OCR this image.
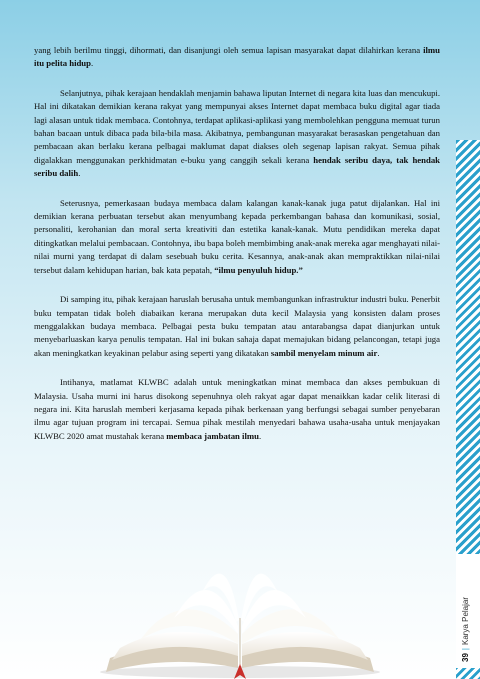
yang lebih berilmu tinggi, dihormati, dan disanjungi oleh semua lapisan masyarakat dapat dilahirkan kerana ilmu itu pelita hidup.

Selanjutnya, pihak kerajaan hendaklah menjamin bahawa liputan Internet di negara kita luas dan mencukupi. Hal ini dikatakan demikian kerana rakyat yang mempunyai akses Internet dapat membaca buku digital agar tiada lagi alasan untuk tidak membaca. Contohnya, terdapat aplikasi-aplikasi yang membolehkan pengguna memuat turun bahan bacaan untuk dibaca pada bila-bila masa. Akibatnya, pembangunan masyarakat berasaskan pengetahuan dan pembacaan akan berlaku kerana pelbagai maklumat dapat diakses oleh segenap lapisan rakyat. Semua pihak digalakkan menggunakan perkhidmatan e-buku yang canggih sekali kerana hendak seribu daya, tak hendak seribu dalih.

Seterusnya, pemerkasaan budaya membaca dalam kalangan kanak-kanak juga patut dijalankan. Hal ini demikian kerana perbuatan tersebut akan menyumbang kepada perkembangan bahasa dan komunikasi, sosial, personaliti, kerohanian dan moral serta kreativiti dan estetika kanak-kanak. Mutu pendidikan mereka dapat ditingkatkan melalui pembacaan. Contohnya, ibu bapa boleh membimbing anak-anak mereka agar menghayati nilai-nilai murni yang terdapat di dalam sesebuah buku cerita. Kesannya, anak-anak akan mempraktikkan nilai-nilai tersebut dalam kehidupan harian, bak kata pepatah, “ilmu penyuluh hidup.”

Di samping itu, pihak kerajaan haruslah berusaha untuk membangunkan infrastruktur industri buku. Penerbit buku tempatan tidak boleh diabaikan kerana merupakan duta kecil Malaysia yang konsisten dalam proses menggalakkan budaya membaca. Pelbagai pesta buku tempatan atau antarabangsa dapat dianjurkan untuk menyebarluaskan karya penulis tempatan. Hal ini bukan sahaja dapat memajukan bidang pelancongan, tetapi juga akan meningkatkan keyakinan pelabur asing seperti yang dikatakan sambil menyelam minum air.

Intihanya, matlamat KLWBC adalah untuk meningkatkan minat membaca dan akses pembukuan di Malaysia. Usaha murni ini harus disokong sepenuhnya oleh rakyat agar dapat menaikkan kadar celik literasi di negara ini. Kita haruslah memberi kerjasama kepada pihak berkenaan yang berfungsi sebagai sumber penyebaran ilmu agar tujuan program ini tercapai. Semua pihak mestilah menyedari bahawa usaha-usaha untuk menjayakan KLWBC 2020 amat mustahak kerana membaca jambatan ilmu.

39|Karya Pelajar
